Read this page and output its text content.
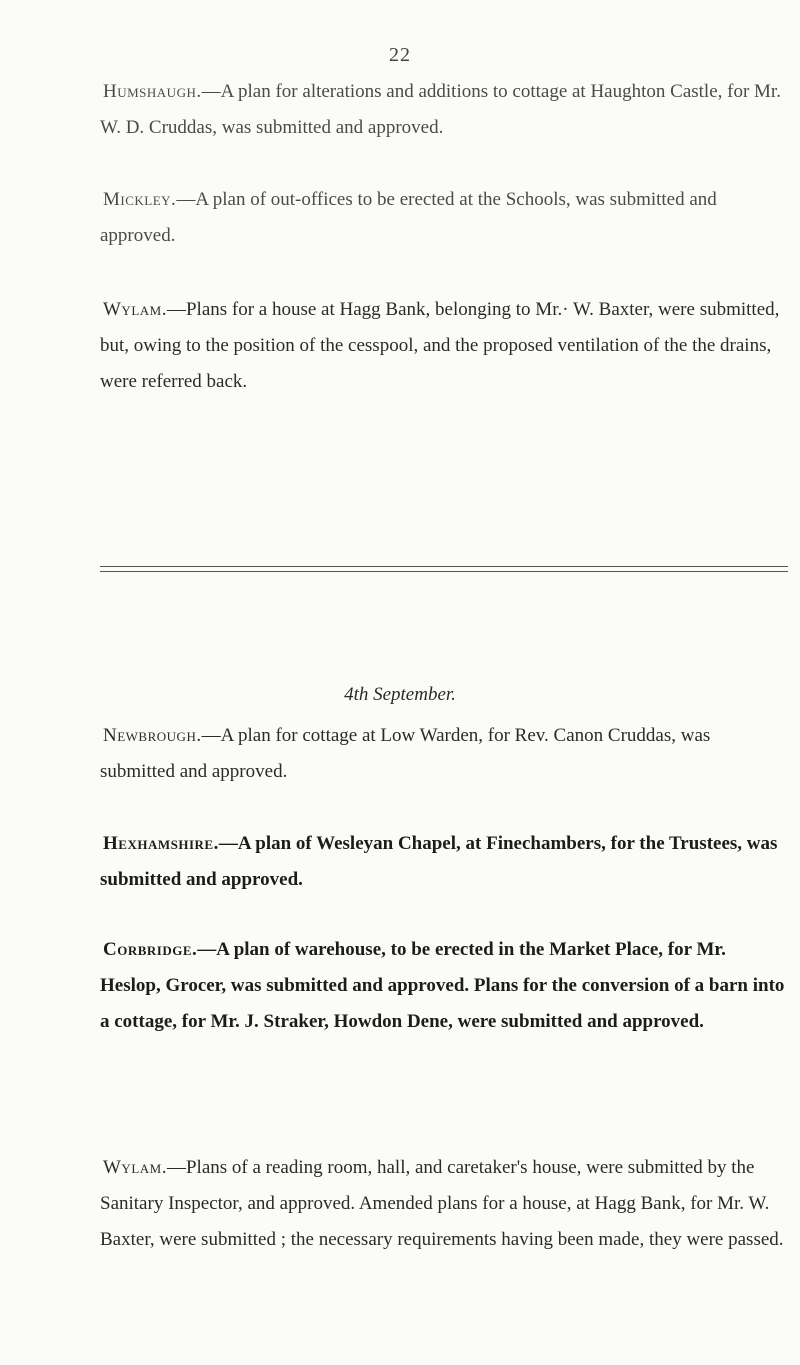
22

Humshaugh.—A plan for alterations and additions to cottage at Haughton Castle, for Mr. W. D. Cruddas, was submitted and approved.

Mickley.—A plan of out-offices to be erected at the Schools, was submitted and approved.

Wylam.—Plans for a house at Hagg Bank, belonging to Mr.· W. Baxter, were submitted, but, owing to the position of the cesspool, and the proposed ventilation of the the drains, were referred back.

4th September.

Newbrough.—A plan for cottage at Low Warden, for Rev. Canon Cruddas, was submitted and approved.

Hexhamshire.—A plan of Wesleyan Chapel, at Finechambers, for the Trustees, was submitted and approved.

Corbridge.—A plan of warehouse, to be erected in the Market Place, for Mr. Heslop, Grocer, was submitted and approved. Plans for the conversion of a barn into a cottage, for Mr. J. Straker, Howdon Dene, were submitted and approved.

Wylam.—Plans of a reading room, hall, and caretaker's house, were submitted by the Sanitary Inspector, and approved. Amended plans for a house, at Hagg Bank, for Mr. W. Baxter, were submitted ; the necessary requirements having been made, they were passed.
